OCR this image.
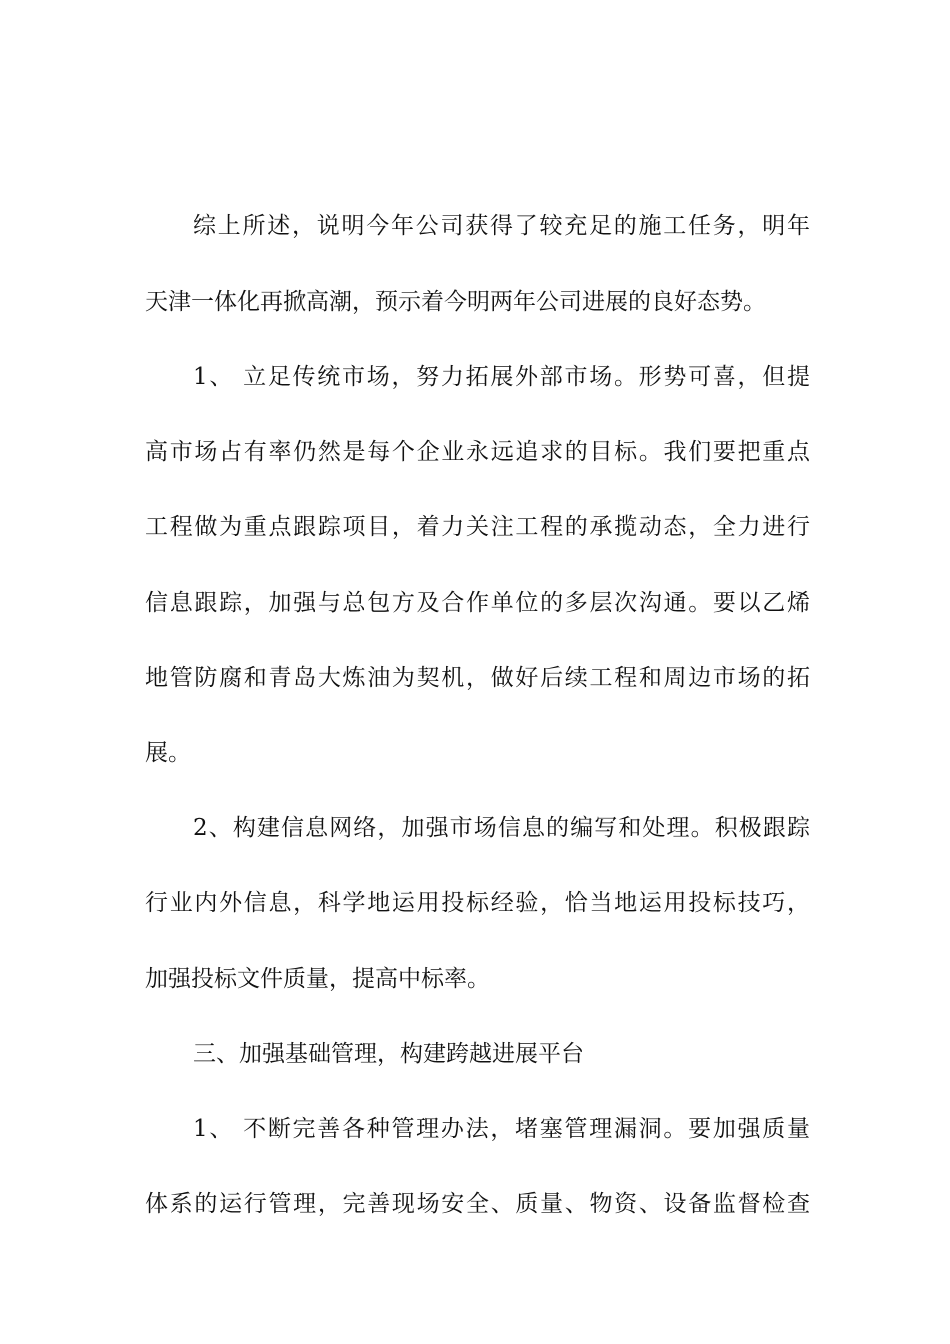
综上所述，说明今年公司获得了较充足的施工任务，明年
天津一体化再掀高潮，预示着今明两年公司进展的良好态势。
1、 立足传统市场，努力拓展外部市场。形势可喜，但提
高市场占有率仍然是每个企业永远追求的目标。我们要把重点
工程做为重点跟踪项目，着力关注工程的承揽动态，全力进行
信息跟踪，加强与总包方及合作单位的多层次沟通。要以乙烯
地管防腐和青岛大炼油为契机，做好后续工程和周边市场的拓
展。
2、构建信息网络，加强市场信息的编写和处理。积极跟踪
行业内外信息，科学地运用投标经验，恰当地运用投标技巧，
加强投标文件质量，提高中标率。
三、加强基础管理，构建跨越进展平台
1、 不断完善各种管理办法，堵塞管理漏洞。要加强质量
体系的运行管理，完善现场安全、质量、物资、设备监督检查
